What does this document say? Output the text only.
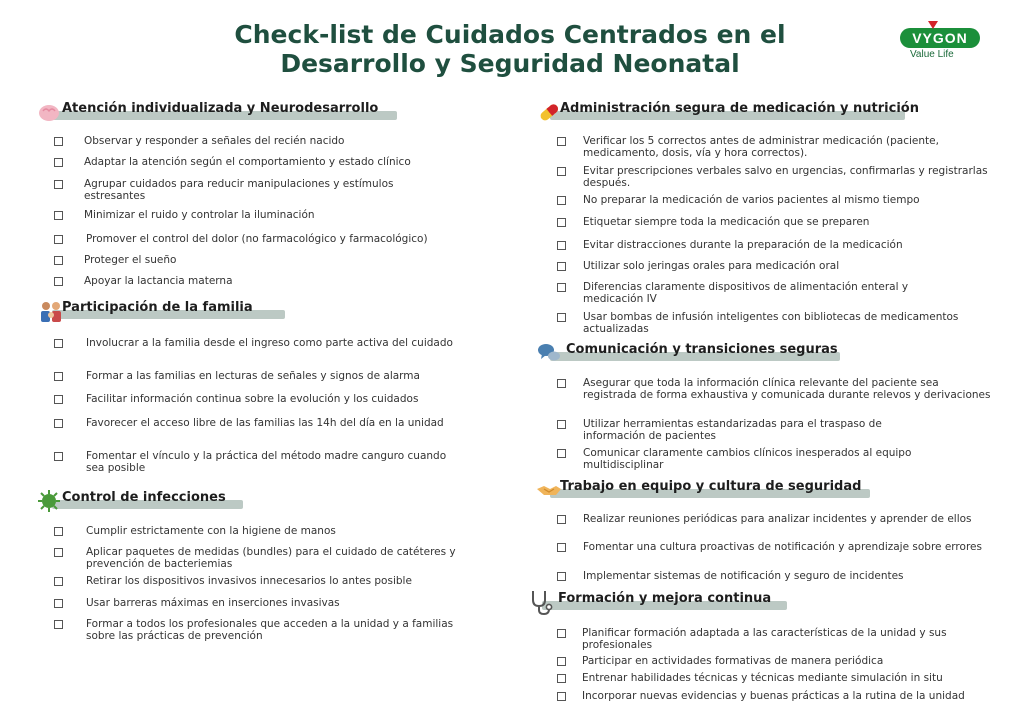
Check-list de Cuidados Centrados en el
Desarrollo y Seguridad Neonatal
VYGON
Value Life
Atención individualizada y Neurodesarrollo
Observar y responder a señales del recién nacido
Adaptar la atención según el comportamiento y estado clínico
Agrupar cuidados para reducir manipulaciones y estímulos estresantes
Minimizar el ruido y controlar la iluminación
Promover el control del dolor (no farmacológico y farmacológico)
Proteger el sueño
Apoyar la lactancia materna
Participación de la familia
Involucrar a la familia desde el ingreso como parte activa del cuidado
Formar a las familias en lecturas de señales y signos de alarma
Facilitar información continua sobre la evolución y los cuidados
Favorecer el acceso libre de las familias las 14h del día en la unidad
Fomentar el vínculo y la práctica del método madre canguro cuando sea posible
Control de infecciones
Cumplir estrictamente con la higiene de manos
Aplicar paquetes de medidas (bundles) para el cuidado de catéteres y prevención de bacteriemias
Retirar los dispositivos invasivos innecesarios lo antes posible
Usar barreras máximas en inserciones invasivas
Formar a todos los profesionales que acceden a la unidad y a familias sobre las prácticas de prevención
Administración segura de medicación y nutrición
Verificar los 5 correctos antes de administrar medicación (paciente, medicamento, dosis, vía y hora correctos).
Evitar prescripciones verbales salvo en urgencias, confirmarlas y registrarlas después.
No preparar la medicación de varios pacientes al mismo tiempo
Etiquetar siempre toda la medicación que se preparen
Evitar distracciones durante la preparación de la medicación
Utilizar solo jeringas orales para medicación oral
Diferencias claramente dispositivos de alimentación enteral y medicación IV
Usar bombas de infusión inteligentes con bibliotecas de medicamentos actualizadas
Comunicación y transiciones seguras
Asegurar que toda la información clínica relevante del paciente sea registrada de forma exhaustiva y comunicada durante relevos y derivaciones
Utilizar herramientas estandarizadas para el traspaso de información de pacientes
Comunicar claramente cambios clínicos inesperados al equipo multidisciplinar
Trabajo en equipo y cultura de seguridad
Realizar reuniones periódicas para analizar incidentes y aprender de ellos
Fomentar una cultura proactivas de notificación y aprendizaje sobre errores
Implementar sistemas de notificación y seguro de incidentes
Formación y mejora continua
Planificar formación adaptada a las características de la unidad y sus profesionales
Participar en actividades formativas de manera periódica
Entrenar habilidades técnicas y técnicas mediante simulación in situ
Incorporar nuevas evidencias y buenas prácticas a la rutina de la unidad
